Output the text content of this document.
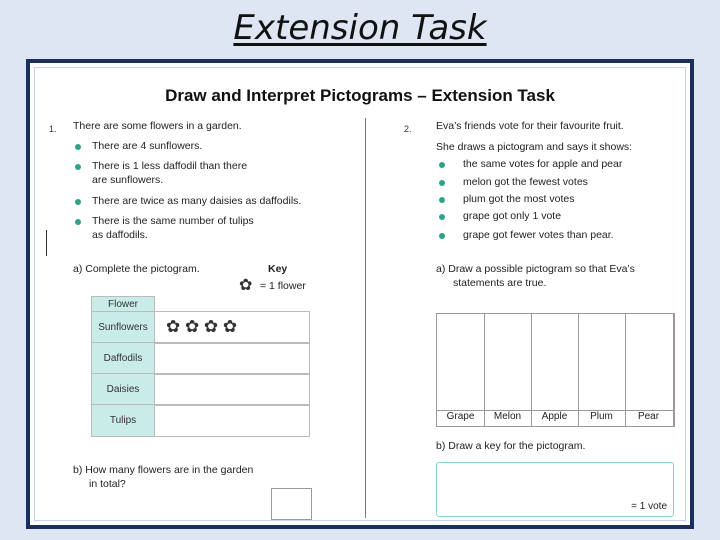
Extension Task
Draw and Interpret Pictograms – Extension Task
1. There are some flowers in a garden.
There are 4 sunflowers.
There is 1 less daffodil than there
are sunflowers.
There are twice as many daisies as daffodils.
There is the same number of tulips
as daffodils.
a) Complete the pictogram.	Key
✿ = 1 flower
Flower
Sunflowers	✿ ✿ ✿ ✿
Daffodils
Daisies
Tulips
b) How many flowers are in the garden
in total?
2. Eva’s friends vote for their favourite fruit.
She draws a pictogram and says it shows:
the same votes for apple and pear
melon got the fewest votes
plum got the most votes
grape got only 1 vote
grape got fewer votes than pear.
a) Draw a possible pictogram so that Eva’s
statements are true.
Grape	Melon	Apple	Plum	Pear
b) Draw a key for the pictogram.
= 1 vote
